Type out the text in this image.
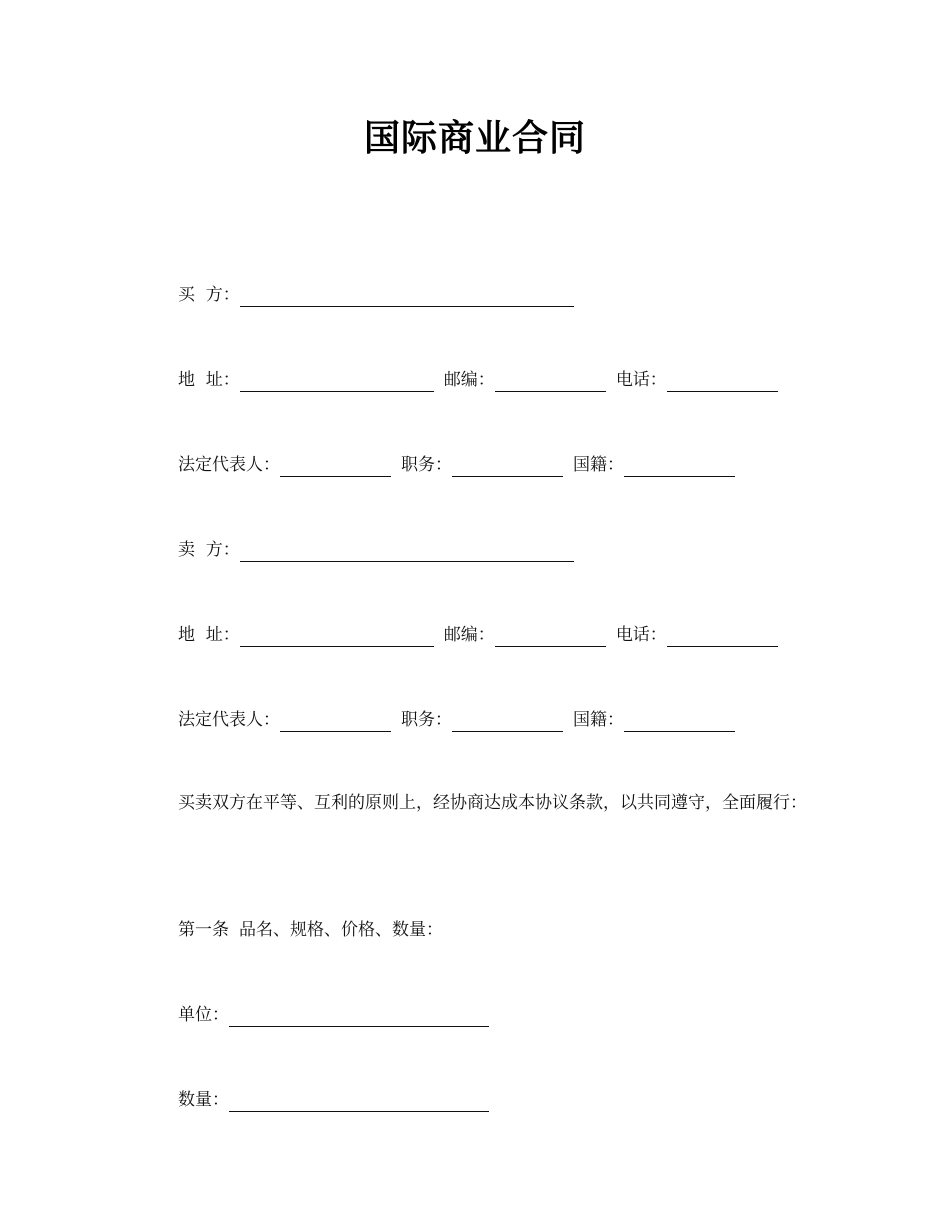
国际商业合同
买  方：
地  址：	邮编：	电话：
法定代表人：	职务：	国籍：
卖  方：
地  址：	邮编：	电话：
法定代表人：	职务：	国籍：
买卖双方在平等、互利的原则上，经协商达成本协议条款，以共同遵守，全面履行：
第一条 品名、规格、价格、数量：
单位：
数量：
